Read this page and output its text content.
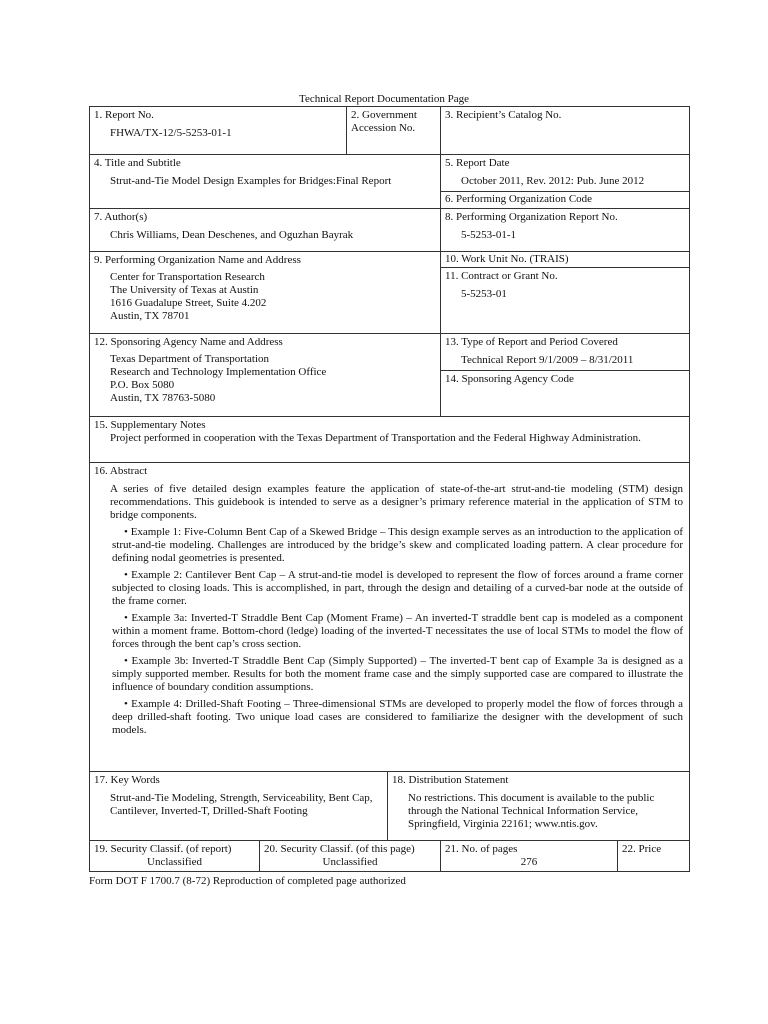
Technical Report Documentation Page
1. Report No.
FHWA/TX-12/5-5253-01-1
2. Government Accession No.
3. Recipient’s Catalog No.
4. Title and Subtitle
Strut-and-Tie Model Design Examples for Bridges:Final Report
5. Report Date
October 2011, Rev. 2012: Pub. June 2012
6. Performing Organization Code
7. Author(s)
Chris Williams, Dean Deschenes, and Oguzhan Bayrak
8. Performing Organization Report No.
5-5253-01-1
9. Performing Organization Name and Address
Center for Transportation Research
The University of Texas at Austin
1616 Guadalupe Street, Suite 4.202
Austin, TX 78701
10. Work Unit No. (TRAIS)
11. Contract or Grant No.
5-5253-01
12. Sponsoring Agency Name and Address
Texas Department of Transportation
Research and Technology Implementation Office
P.O. Box 5080
Austin, TX 78763-5080
13. Type of Report and Period Covered
Technical Report 9/1/2009 – 8/31/2011
14. Sponsoring Agency Code
15. Supplementary Notes
Project performed in cooperation with the Texas Department of Transportation and the Federal Highway Administration.
16. Abstract

A series of five detailed design examples feature the application of state-of-the-art strut-and-tie modeling (STM) design recommendations. This guidebook is intended to serve as a designer’s primary reference material in the application of STM to bridge components.

• Example 1: Five-Column Bent Cap of a Skewed Bridge – This design example serves as an introduction to the application of strut-and-tie modeling. Challenges are introduced by the bridge’s skew and complicated loading pattern. A clear procedure for defining nodal geometries is presented.

• Example 2: Cantilever Bent Cap – A strut-and-tie model is developed to represent the flow of forces around a frame corner subjected to closing loads. This is accomplished, in part, through the design and detailing of a curved-bar node at the outside of the frame corner.

• Example 3a: Inverted-T Straddle Bent Cap (Moment Frame) – An inverted-T straddle bent cap is modeled as a component within a moment frame. Bottom-chord (ledge) loading of the inverted-T necessitates the use of local STMs to model the flow of forces through the bent cap’s cross section.

• Example 3b: Inverted-T Straddle Bent Cap (Simply Supported) – The inverted-T bent cap of Example 3a is designed as a simply supported member. Results for both the moment frame case and the simply supported case are compared to illustrate the influence of boundary condition assumptions.

• Example 4: Drilled-Shaft Footing – Three-dimensional STMs are developed to properly model the flow of forces through a deep drilled-shaft footing. Two unique load cases are considered to familiarize the designer with the development of such models.

17. Key Words
Strut-and-Tie Modeling, Strength, Serviceability, Bent Cap, Cantilever, Inverted-T, Drilled-Shaft Footing
18. Distribution Statement
No restrictions. This document is available to the public through the National Technical Information Service, Springfield, Virginia 22161; www.ntis.gov.
19. Security Classif. (of report)
Unclassified
20. Security Classif. (of this page)
Unclassified
21. No. of pages
276
22. Price
Form DOT F 1700.7 (8-72) Reproduction of completed page authorized
